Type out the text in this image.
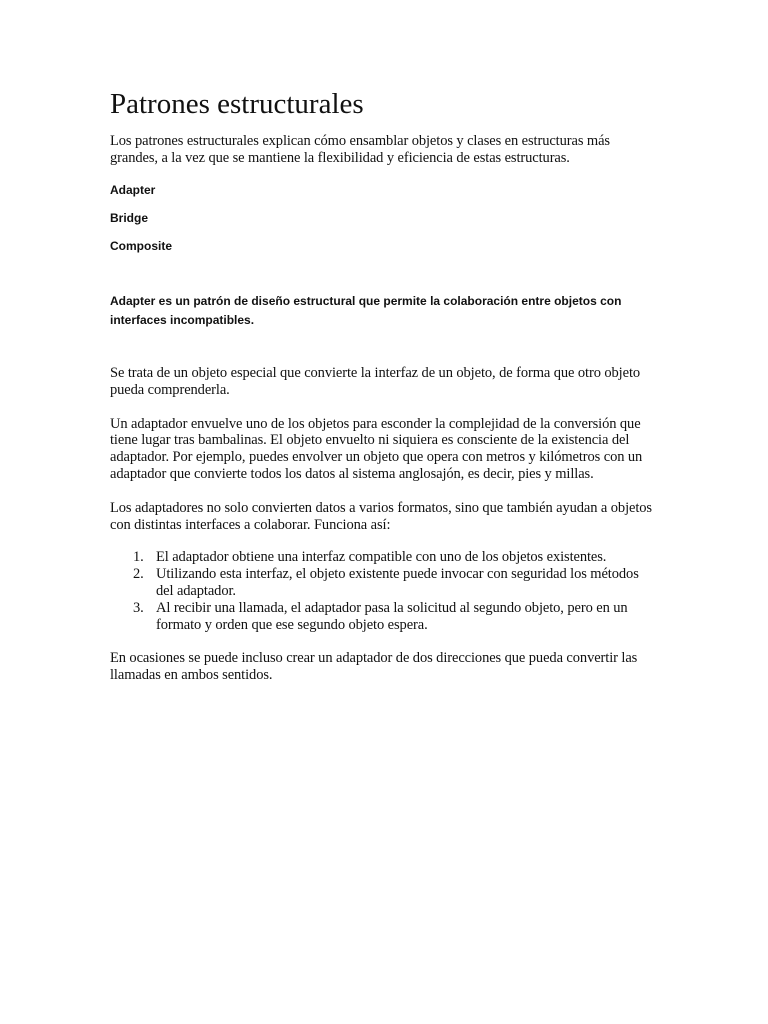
Patrones estructurales

Los patrones estructurales explican cómo ensamblar objetos y clases en estructuras más grandes, a la vez que se mantiene la flexibilidad y eficiencia de estas estructuras.

Adapter
Bridge
Composite

Adapter es un patrón de diseño estructural que permite la colaboración entre objetos con interfaces incompatibles.

Se trata de un objeto especial que convierte la interfaz de un objeto, de forma que otro objeto pueda comprenderla.

Un adaptador envuelve uno de los objetos para esconder la complejidad de la conversión que tiene lugar tras bambalinas. El objeto envuelto ni siquiera es consciente de la existencia del adaptador. Por ejemplo, puedes envolver un objeto que opera con metros y kilómetros con un adaptador que convierte todos los datos al sistema anglosajón, es decir, pies y millas.

Los adaptadores no solo convierten datos a varios formatos, sino que también ayudan a objetos con distintas interfaces a colaborar. Funciona así:

1. El adaptador obtiene una interfaz compatible con uno de los objetos existentes.
2. Utilizando esta interfaz, el objeto existente puede invocar con seguridad los métodos del adaptador.
3. Al recibir una llamada, el adaptador pasa la solicitud al segundo objeto, pero en un formato y orden que ese segundo objeto espera.

En ocasiones se puede incluso crear un adaptador de dos direcciones que pueda convertir las llamadas en ambos sentidos.
